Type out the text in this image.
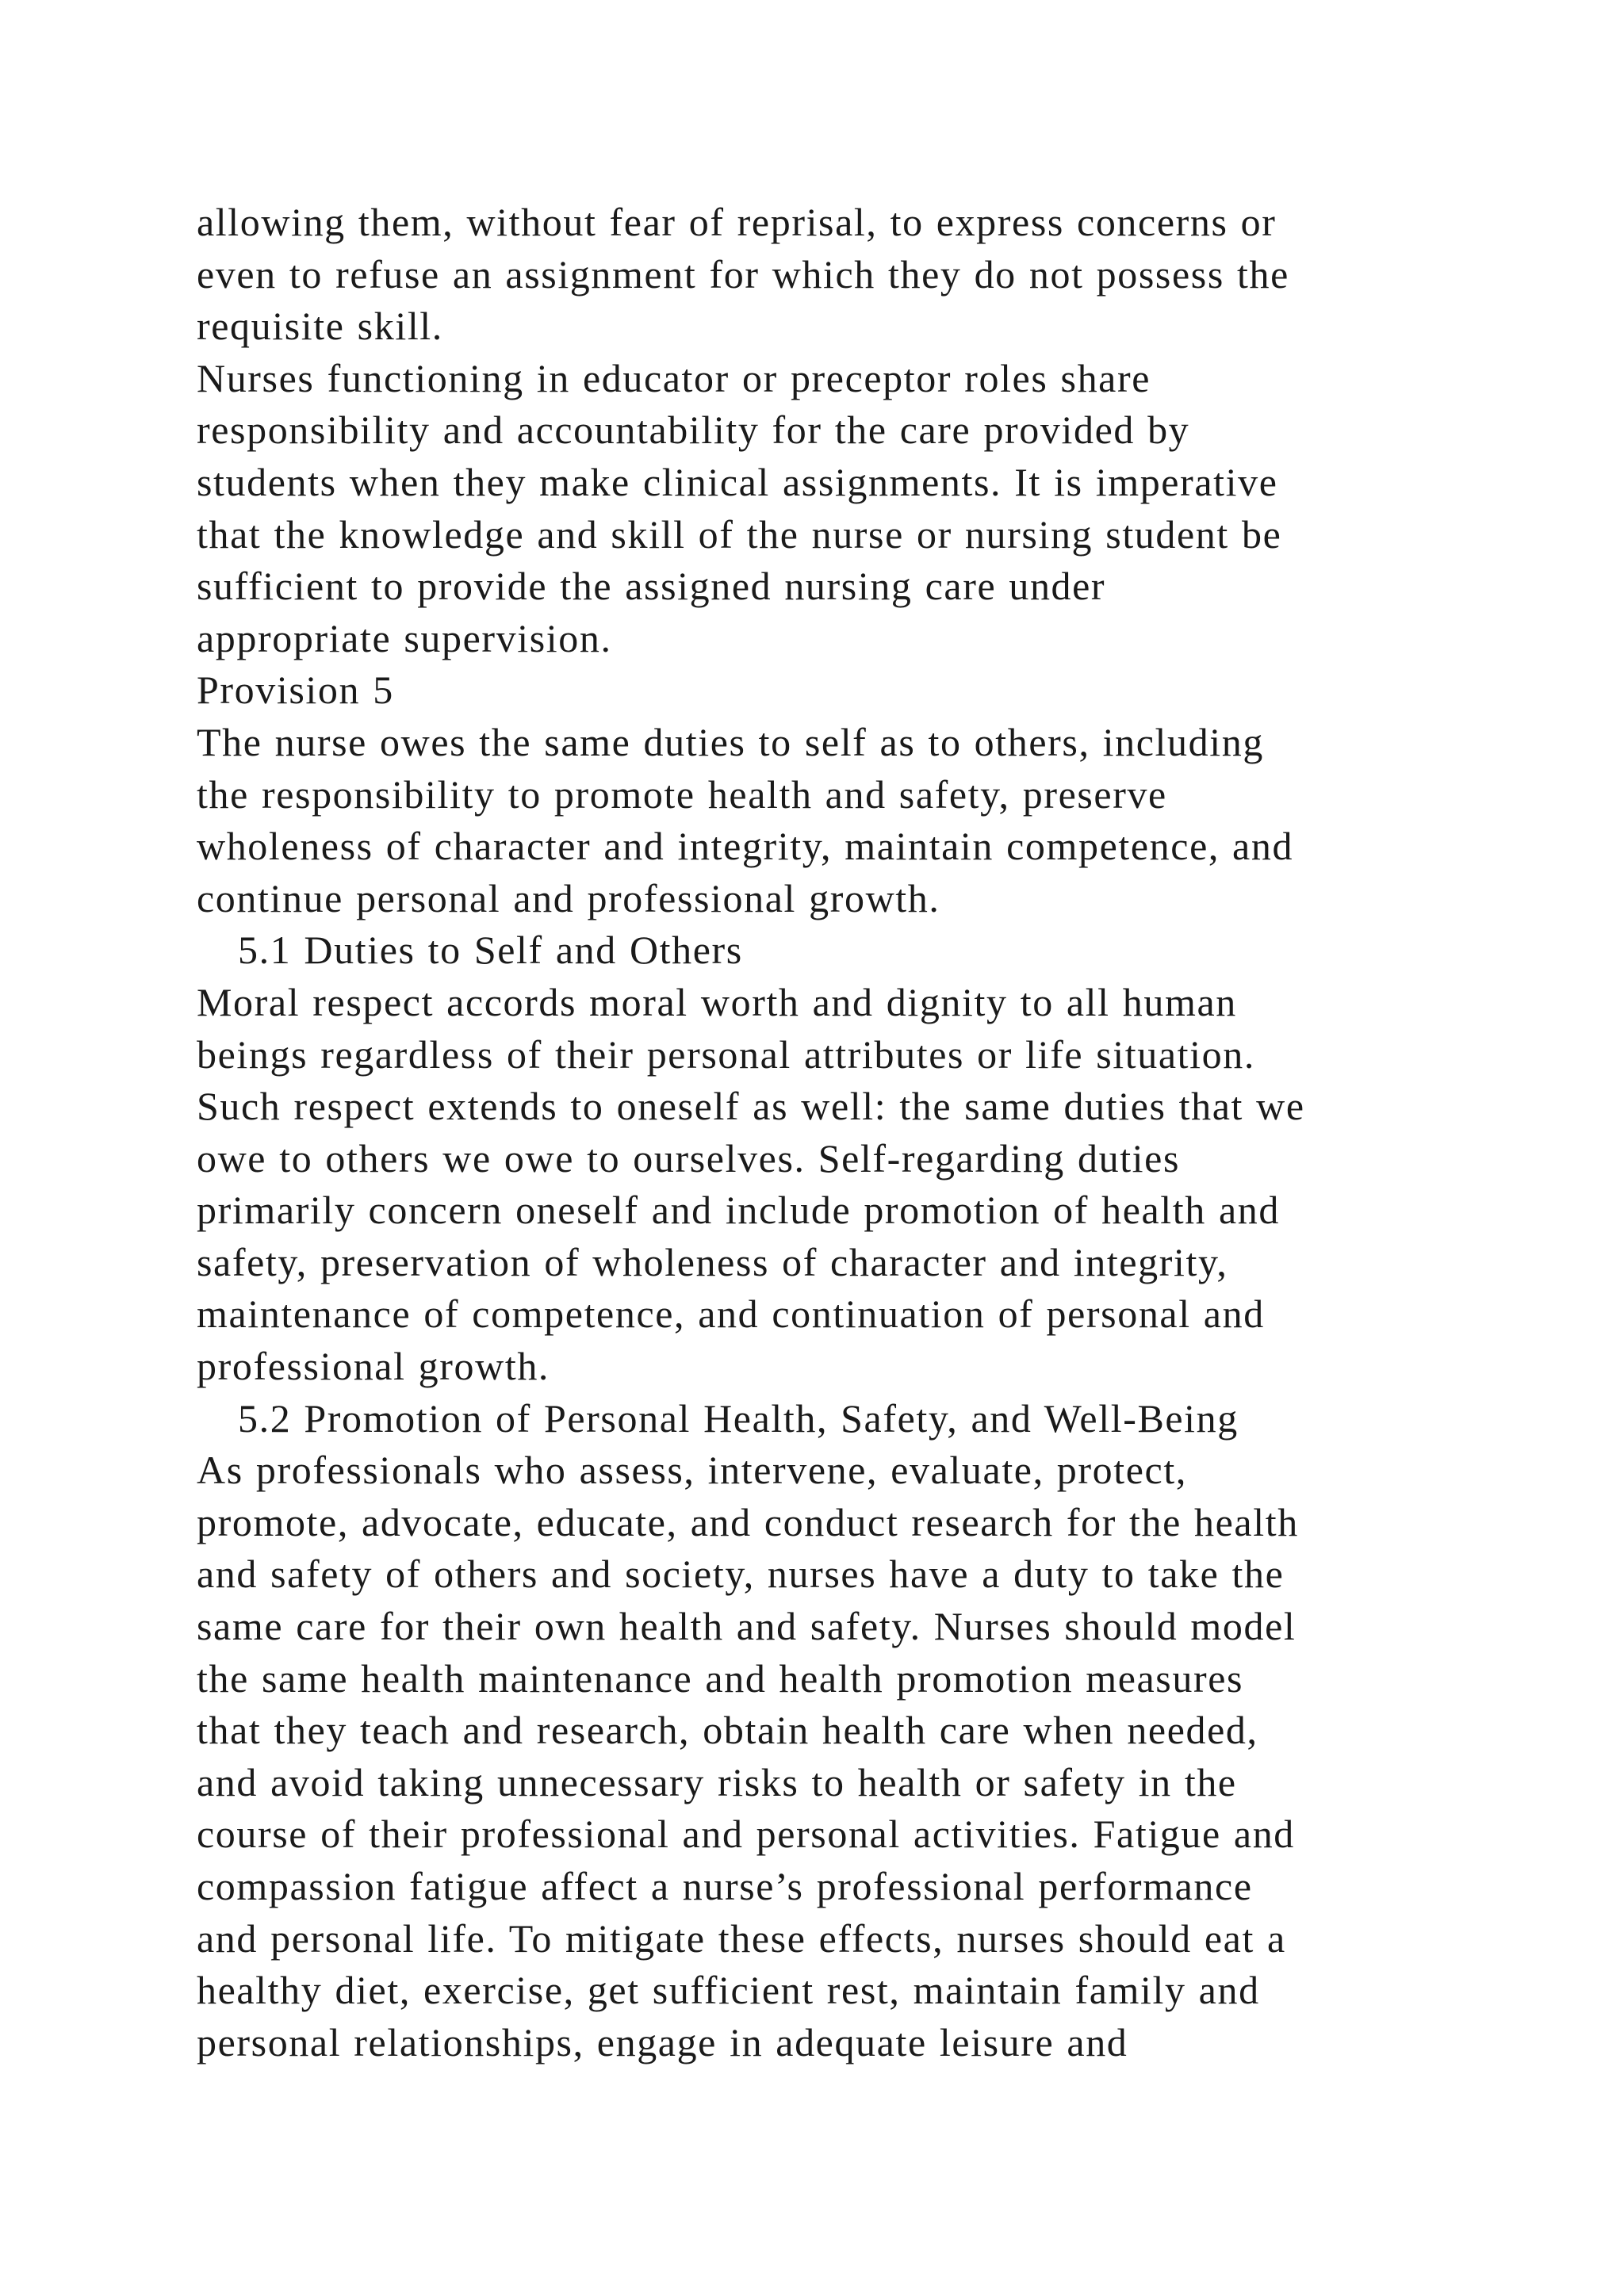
allowing them, without fear of reprisal, to express concerns or
even to refuse an assignment for which they do not possess the
requisite skill.
Nurses functioning in educator or preceptor roles share
responsibility and accountability for the care provided by
students when they make clinical assignments. It is imperative
that the knowledge and skill of the nurse or nursing student be
sufficient to provide the assigned nursing care under
appropriate supervision.
Provision 5
The nurse owes the same duties to self as to others, including
the responsibility to promote health and safety, preserve
wholeness of character and integrity, maintain competence, and
continue personal and professional growth.
5.1 Duties to Self and Others
Moral respect accords moral worth and dignity to all human
beings regardless of their personal attributes or life situation.
Such respect extends to oneself as well: the same duties that we
owe to others we owe to ourselves. Self-regarding duties
primarily concern oneself and include promotion of health and
safety, preservation of wholeness of character and integrity,
maintenance of competence, and continuation of personal and
professional growth.
5.2 Promotion of Personal Health, Safety, and Well-Being
As professionals who assess, intervene, evaluate, protect,
promote, advocate, educate, and conduct research for the health
and safety of others and society, nurses have a duty to take the
same care for their own health and safety. Nurses should model
the same health maintenance and health promotion measures
that they teach and research, obtain health care when needed,
and avoid taking unnecessary risks to health or safety in the
course of their professional and personal activities. Fatigue and
compassion fatigue affect a nurse’s professional performance
and personal life. To mitigate these effects, nurses should eat a
healthy diet, exercise, get sufficient rest, maintain family and
personal relationships, engage in adequate leisure and
